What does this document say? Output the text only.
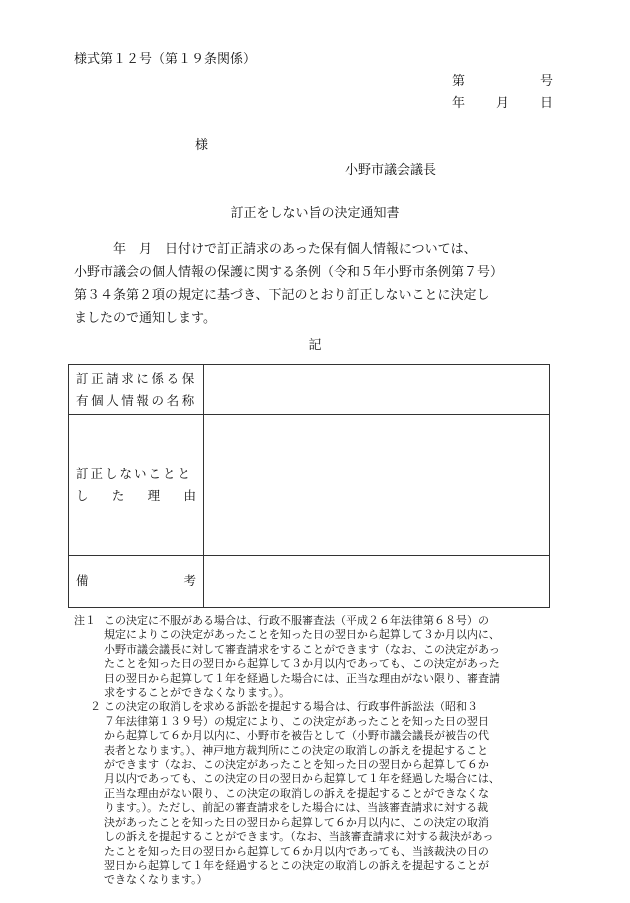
様式第１２号（第１９条関係）
第	号
年 月 日
様
小野市議会議長
訂正をしない旨の決定通知書
　　　年　月　日付けで訂正請求のあった保有個人情報については、
小野市議会の個人情報の保護に関する条例（令和５年小野市条例第７号）
第３４条第２項の規定に基づき、下記のとおり訂正しないことに決定し
ましたので通知します。
記
訂正請求に係る保
有個人情報の名称	

訂正しないことと
し た 理 由	

備 考	

注１ この決定に不服がある場合は、行政不服審査法（平成２６年法律第６８号）の
規定によりこの決定があったことを知った日の翌日から起算して３か月以内に、
小野市議会議長に対して審査請求をすることができます（なお、この決定があっ
たことを知った日の翌日から起算して３か月以内であっても、この決定があった
日の翌日から起算して１年を経過した場合には、正当な理由がない限り、審査請
求をすることができなくなります。）。
２ この決定の取消しを求める訴訟を提起する場合は、行政事件訴訟法（昭和３
７年法律第１３９号）の規定により、この決定があったことを知った日の翌日
から起算して６か月以内に、小野市を被告として（小野市議会議長が被告の代
表者となります。）、神戸地方裁判所にこの決定の取消しの訴えを提起すること
ができます（なお、この決定があったことを知った日の翌日から起算して６か
月以内であっても、この決定の日の翌日から起算して１年を経過した場合には、
正当な理由がない限り、この決定の取消しの訴えを提起することができなくな
ります。）。ただし、前記の審査請求をした場合には、当該審査請求に対する裁
決があったことを知った日の翌日から起算して６か月以内に、この決定の取消
しの訴えを提起することができます。（なお、当該審査請求に対する裁決があっ
たことを知った日の翌日から起算して６か月以内であっても、当該裁決の日の
翌日から起算して１年を経過するとこの決定の取消しの訴えを提起することが
できなくなります。）
